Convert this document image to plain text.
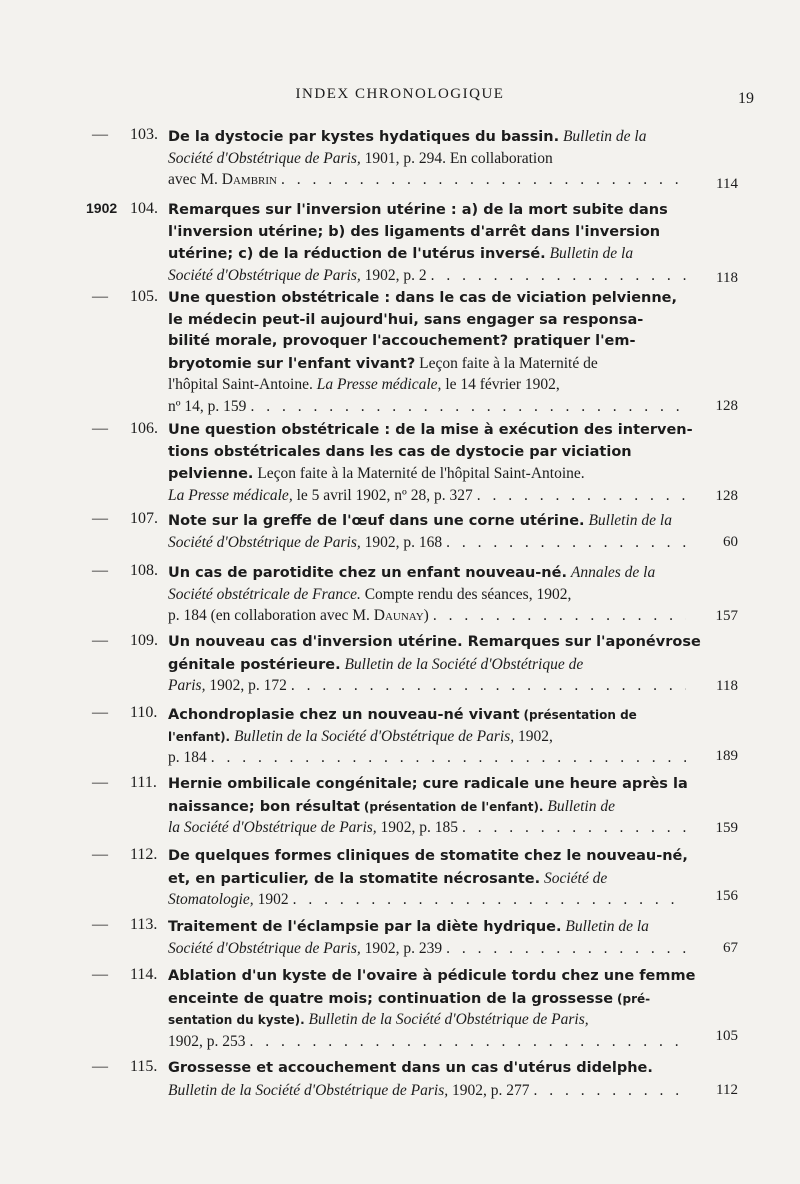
INDEX CHRONOLOGIQUE	19
— 103. De la dystocie par kystes hydatiques du bassin. Bulletin de la
Société d'Obstétrique de Paris, 1901, p. 294. En collaboration
avec M. Dambrin . . .	114
1902 104. Remarques sur l'inversion utérine : a) de la mort subite dans
l'inversion utérine; b) des ligaments d'arrêt dans l'inversion
utérine; c) de la réduction de l'utérus inversé. Bulletin de la
Société d'Obstétrique de Paris, 1902, p. 2 . . .	118
— 105. Une question obstétricale : dans le cas de viciation pelvienne,
le médecin peut-il aujourd'hui, sans engager sa responsa-
bilité morale, provoquer l'accouchement? pratiquer l'em-
bryotomie sur l'enfant vivant? Leçon faite à la Maternité de
l'hôpital Saint-Antoine. La Presse médicale, le 14 février 1902,
nº 14, p. 159 . . .	128
— 106. Une question obstétricale : de la mise à exécution des interven-
tions obstétricales dans les cas de dystocie par viciation
pelvienne. Leçon faite à la Maternité de l'hôpital Saint-Antoine.
La Presse médicale, le 5 avril 1902, nº 28, p. 327 . . .	128
— 107. Note sur la greffe de l'œuf dans une corne utérine. Bulletin de la
Société d'Obstétrique de Paris, 1902, p. 168 . . .	60
— 108. Un cas de parotidite chez un enfant nouveau-né. Annales de la
Société obstétricale de France. Compte rendu des séances, 1902,
p. 184 (en collaboration avec M. Daunay) . . .	157
— 109. Un nouveau cas d'inversion utérine. Remarques sur l'aponévrose
génitale postérieure. Bulletin de la Société d'Obstétrique de
Paris, 1902, p. 172 . . .	118
— 110. Achondroplasie chez un nouveau-né vivant (présentation de
l'enfant). Bulletin de la Société d'Obstétrique de Paris, 1902,
p. 184 . . .	189
— 111. Hernie ombilicale congénitale; cure radicale une heure après la
naissance; bon résultat (présentation de l'enfant). Bulletin de
la Société d'Obstétrique de Paris, 1902, p. 185 . . .	159
— 112. De quelques formes cliniques de stomatite chez le nouveau-né,
et, en particulier, de la stomatite nécrosante. Société de
Stomatologie, 1902 . . .	156
— 113. Traitement de l'éclampsie par la diète hydrique. Bulletin de la
Société d'Obstétrique de Paris, 1902, p. 239 . . .	67
— 114. Ablation d'un kyste de l'ovaire à pédicule tordu chez une femme
enceinte de quatre mois; continuation de la grossesse (pré-
sentation du kyste). Bulletin de la Société d'Obstétrique de Paris,
1902, p. 253 . . .	105
— 115. Grossesse et accouchement dans un cas d'utérus didelphe.
Bulletin de la Société d'Obstétrique de Paris, 1902, p. 277 . . .	112
